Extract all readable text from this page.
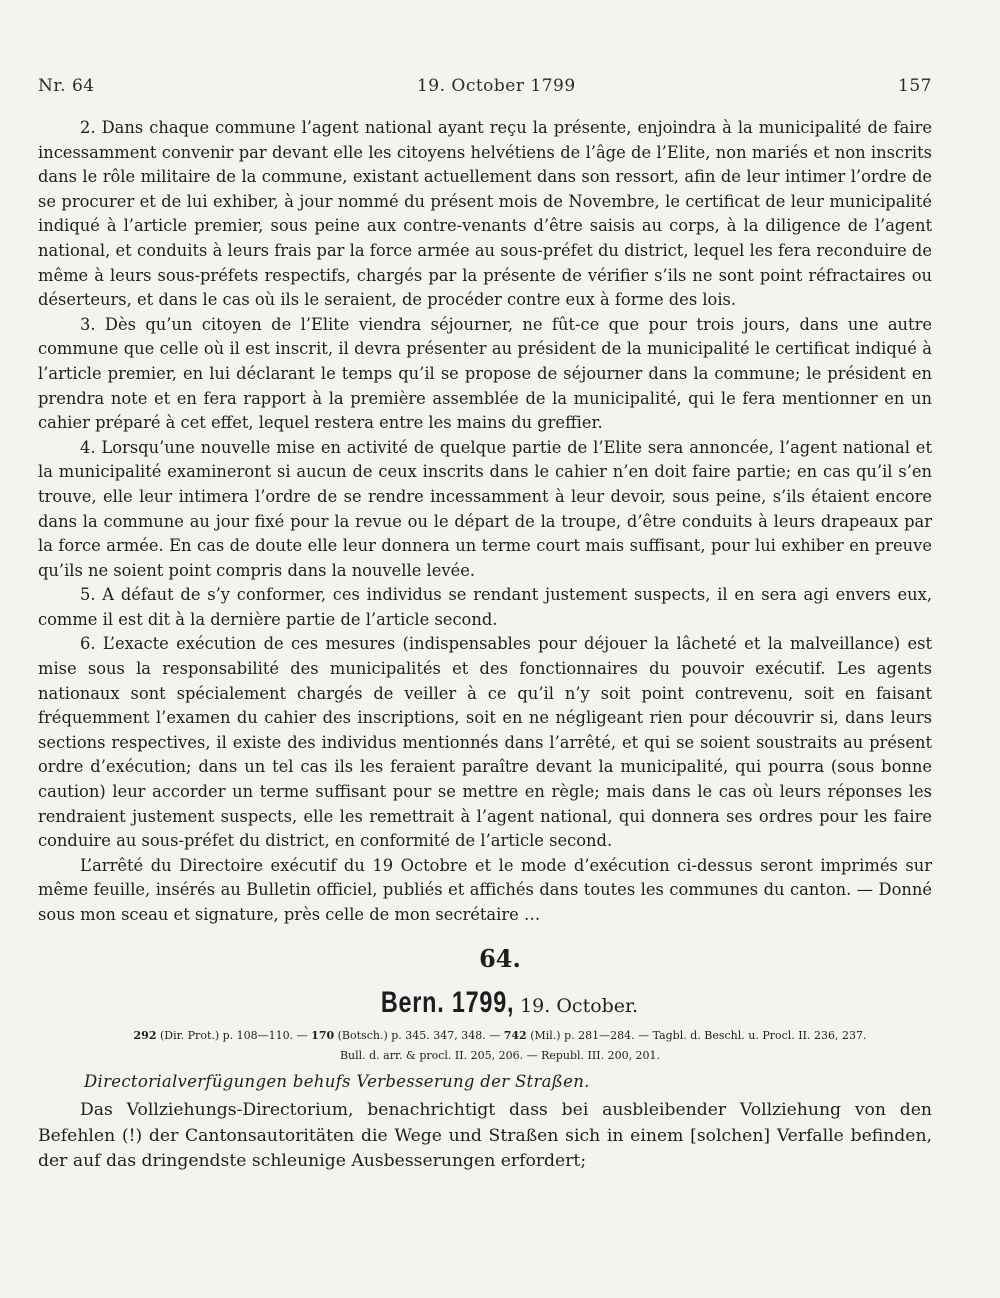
Nr. 64	19. October 1799	157

2. Dans chaque commune l’agent national ayant reçu la présente, enjoindra à la municipalité de faire incessamment convenir par devant elle les citoyens helvétiens de l’âge de l’Elite, non mariés et non inscrits dans le rôle militaire de la commune, existant actuellement dans son ressort, afin de leur intimer l’ordre de se procurer et de lui exhiber, à jour nommé du présent mois de Novembre, le certificat de leur municipalité indiqué à l’article premier, sous peine aux contre-venants d’être saisis au corps, à la diligence de l’agent national, et conduits à leurs frais par la force armée au sous-préfet du district, lequel les fera reconduire de même à leurs sous-préfets respectifs, chargés par la présente de vérifier s’ils ne sont point réfractaires ou déserteurs, et dans le cas où ils le seraient, de procéder contre eux à forme des lois.

3. Dès qu’un citoyen de l’Elite viendra séjourner, ne fût-ce que pour trois jours, dans une autre commune que celle où il est inscrit, il devra présenter au président de la municipalité le certificat indiqué à l’article premier, en lui déclarant le temps qu’il se propose de séjourner dans la commune; le président en prendra note et en fera rapport à la première assemblée de la municipalité, qui le fera mentionner en un cahier préparé à cet effet, lequel restera entre les mains du greffier.

4. Lorsqu’une nouvelle mise en activité de quelque partie de l’Elite sera annoncée, l’agent national et la municipalité examineront si aucun de ceux inscrits dans le cahier n’en doit faire partie; en cas qu’il s’en trouve, elle leur intimera l’ordre de se rendre incessamment à leur devoir, sous peine, s’ils étaient encore dans la commune au jour fixé pour la revue ou le départ de la troupe, d’être conduits à leurs drapeaux par la force armée. En cas de doute elle leur donnera un terme court mais suffisant, pour lui exhiber en preuve qu’ils ne soient point compris dans la nouvelle levée.

5. A défaut de s’y conformer, ces individus se rendant justement suspects, il en sera agi envers eux, comme il est dit à la dernière partie de l’article second.

6. L’exacte exécution de ces mesures (indispensables pour déjouer la lâcheté et la malveillance) est mise sous la responsabilité des municipalités et des fonctionnaires du pouvoir exécutif. Les agents nationaux sont spécialement chargés de veiller à ce qu’il n’y soit point contrevenu, soit en faisant fréquemment l’examen du cahier des inscriptions, soit en ne négligeant rien pour découvrir si, dans leurs sections respectives, il existe des individus mentionnés dans l’arrêté, et qui se soient soustraits au présent ordre d’exécution; dans un tel cas ils les feraient paraître devant la municipalité, qui pourra (sous bonne caution) leur accorder un terme suffisant pour se mettre en règle; mais dans le cas où leurs réponses les rendraient justement suspects, elle les remettrait à l’agent national, qui donnera ses ordres pour les faire conduire au sous-préfet du district, en conformité de l’article second.

L’arrêté du Directoire exécutif du 19 Octobre et le mode d’exécution ci-dessus seront imprimés sur même feuille, insérés au Bulletin officiel, publiés et affichés dans toutes les communes du canton. — Donné sous mon sceau et signature, près celle de mon secrétaire …

64.
Bern. 1799, 19. October.
292 (Dir. Prot.) p. 108—110. — 170 (Botsch.) p. 345. 347, 348. — 742 (Mil.) p. 281—284. — Tagbl. d. Beschl. u. Procl. II. 236, 237.
Bull. d. arr. & procl. II. 205, 206. — Republ. III. 200, 201.
Directorialverfügungen behufs Verbesserung der Straßen.

Das Vollziehungs-Directorium, benachrichtigt dass bei ausbleibender Vollziehung von den Befehlen (!) der Cantonsautoritäten die Wege und Straßen sich in einem [solchen] Verfalle befinden, der auf das dringendste schleunige Ausbesserungen erfordert;
